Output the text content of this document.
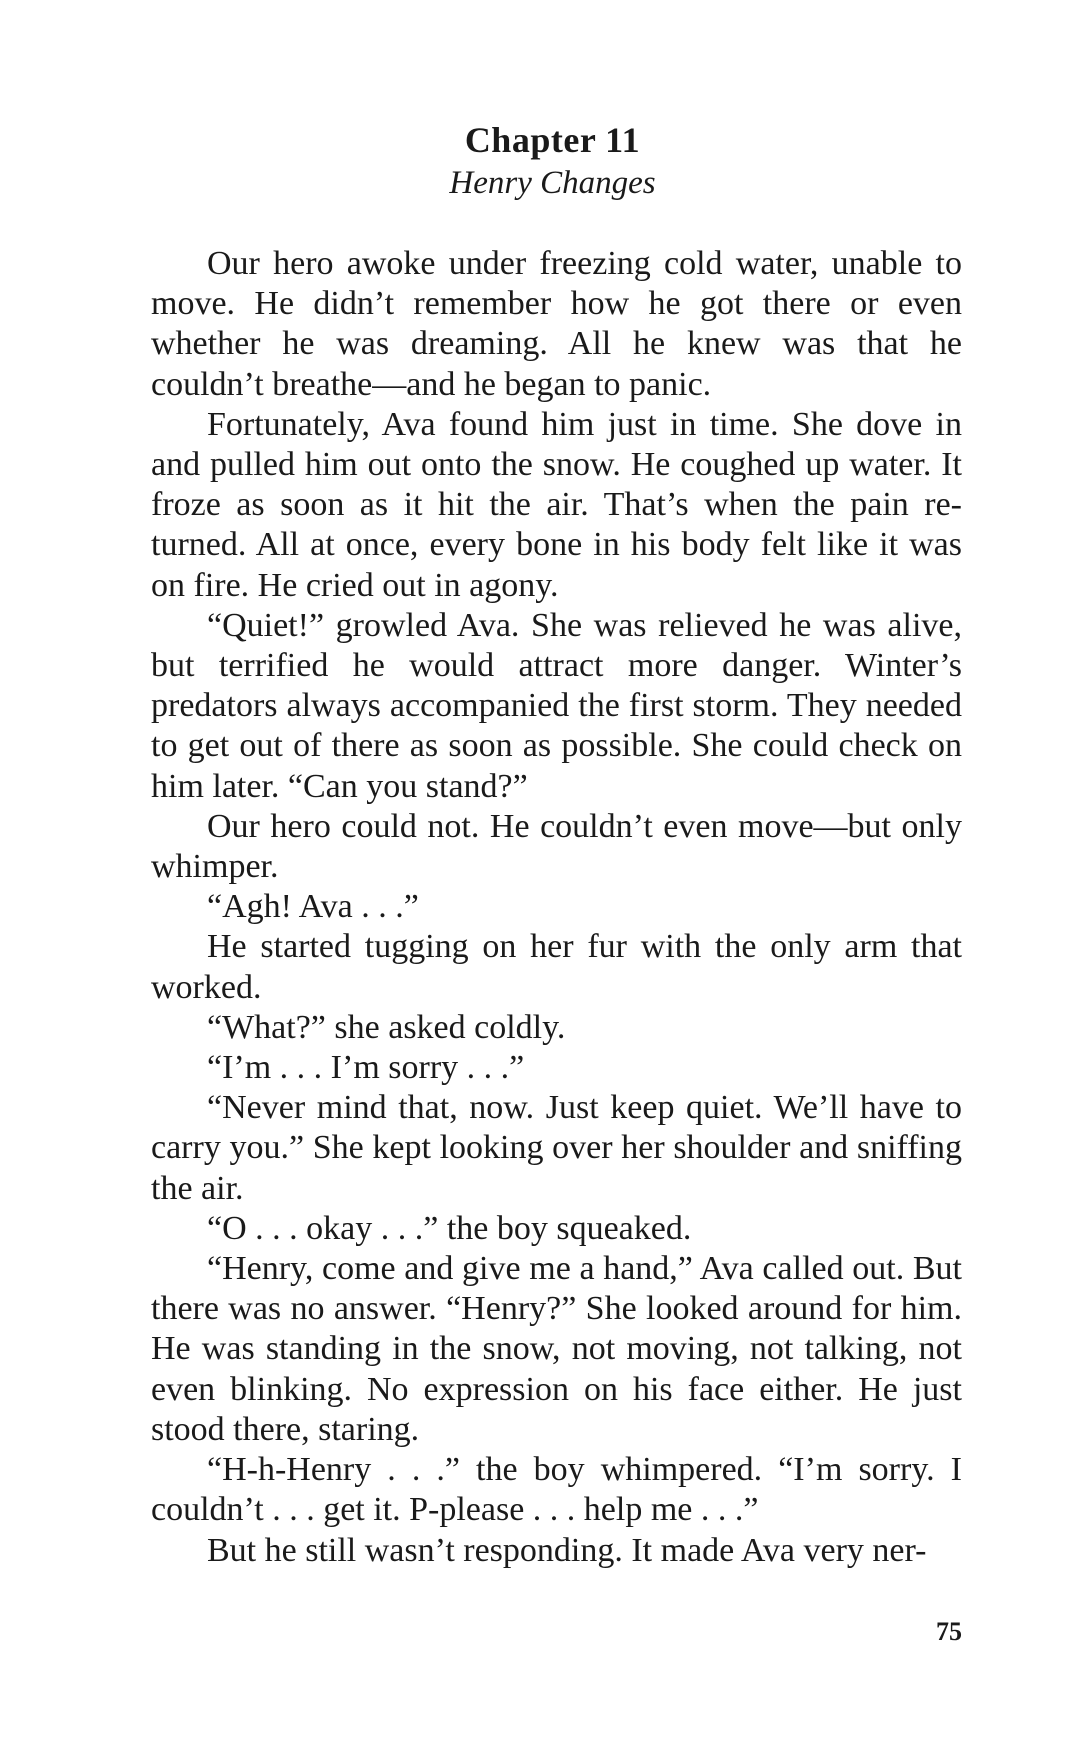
Chapter 11
Henry Changes

Our hero awoke under freezing cold water, unable to move. He didn’t remember how he got there or even whether he was dreaming. All he knew was that he couldn’t breathe—and he began to panic.

Fortunately, Ava found him just in time. She dove in and pulled him out onto the snow. He coughed up water. It froze as soon as it hit the air. That’s when the pain returned. All at once, every bone in his body felt like it was on fire. He cried out in agony.

“Quiet!” growled Ava. She was relieved he was alive, but terrified he would attract more danger. Winter’s predators always accompanied the first storm. They needed to get out of there as soon as possible. She could check on him later. “Can you stand?”

Our hero could not. He couldn’t even move—but only whimper.

“Agh! Ava . . .”

He started tugging on her fur with the only arm that worked.

“What?” she asked coldly.

“I’m . . . I’m sorry . . .”

“Never mind that, now. Just keep quiet. We’ll have to carry you.” She kept looking over her shoulder and sniffing the air.

“O . . . okay . . .” the boy squeaked.

“Henry, come and give me a hand,” Ava called out. But there was no answer. “Henry?” She looked around for him. He was standing in the snow, not moving, not talking, not even blinking. No expression on his face either. He just stood there, staring.

“H-h-Henry . . .” the boy whimpered. “I’m sorry. I couldn’t . . . get it. P-please . . . help me . . .”

But he still wasn’t responding. It made Ava very ner-

75
